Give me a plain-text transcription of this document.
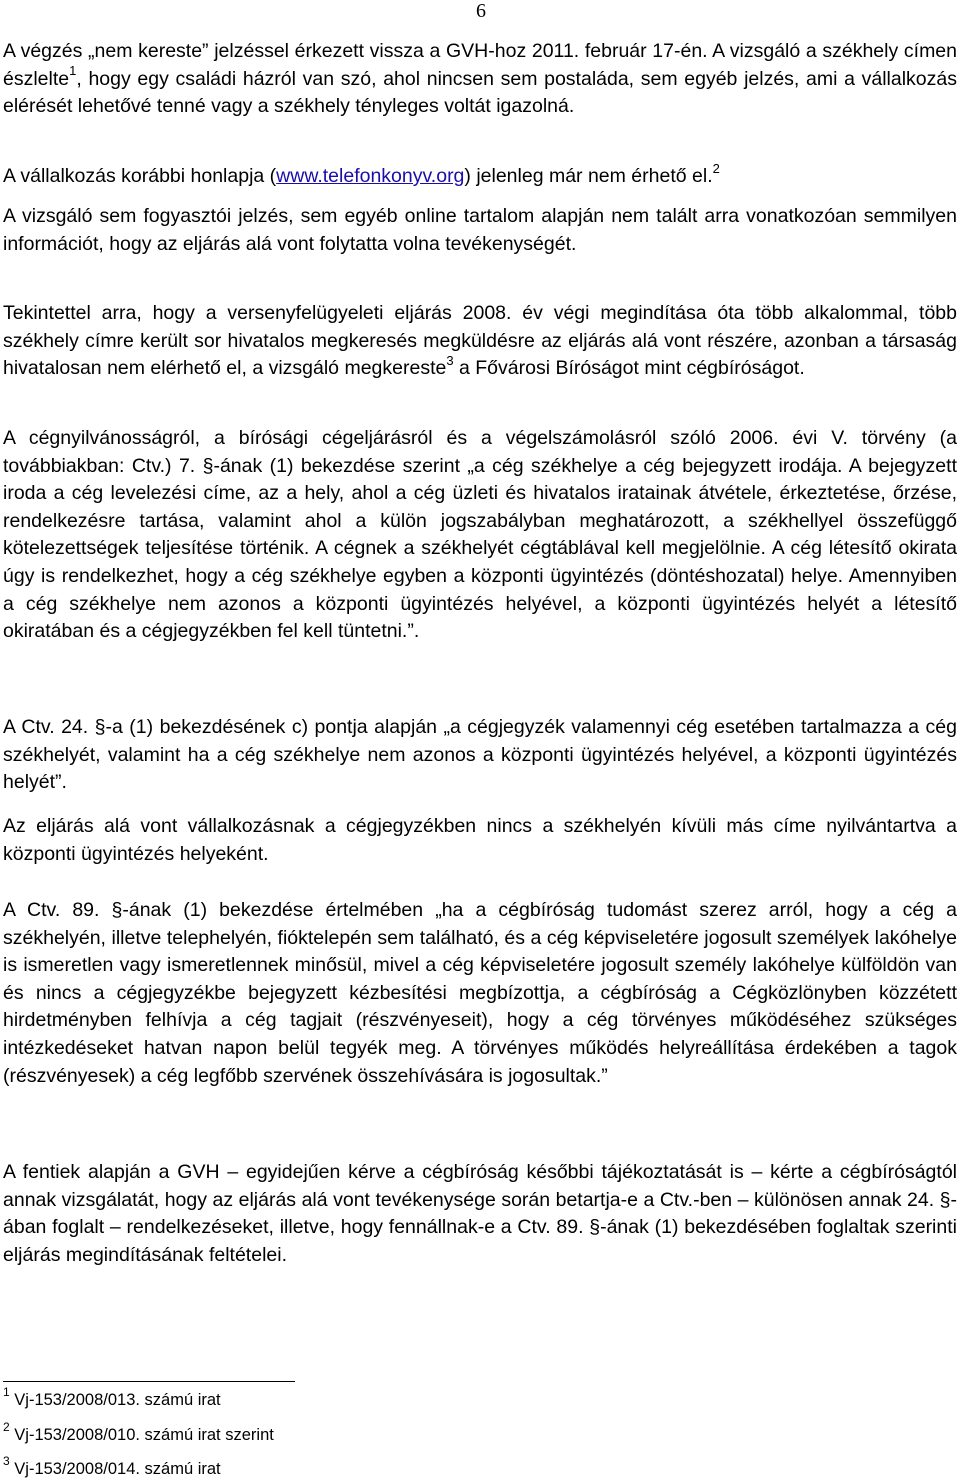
6

A végzés „nem kereste” jelzéssel érkezett vissza a GVH-hoz 2011. február 17-én. A vizsgáló a székhely címen észlelte$^1$, hogy egy családi házról van szó, ahol nincsen sem postaláda, sem egyéb jelzés, ami a vállalkozás elérését lehetővé tenné vagy a székhely tényleges voltát igazolná.

A vállalkozás korábbi honlapja (www.telefonkonyv.org) jelenleg már nem érhető el.$^2$

A vizsgáló sem fogyasztói jelzés, sem egyéb online tartalom alapján nem talált arra vonatkozóan semmilyen információt, hogy az eljárás alá vont folytatta volna tevékenységét.

Tekintettel arra, hogy a versenyfelügyeleti eljárás 2008. év végi megindítása óta több alkalommal, több székhely címre került sor hivatalos megkeresés megküldésre az eljárás alá vont részére, azonban a társaság hivatalosan nem elérhető el, a vizsgáló megkereste$^3$ a Fővárosi Bíróságot mint cégbíróságot.

A cégnyilvánosságról, a bírósági cégeljárásról és a végelszámolásról szóló 2006. évi V. törvény (a továbbiakban: Ctv.) 7. §-ának (1) bekezdése szerint „a cég székhelye a cég bejegyzett irodája. A bejegyzett iroda a cég levelezési címe, az a hely, ahol a cég üzleti és hivatalos iratainak átvétele, érkeztetése, őrzése, rendelkezésre tartása, valamint ahol a külön jogszabályban meghatározott, a székhellyel összefüggő kötelezettségek teljesítése történik. A cégnek a székhelyét cégtáblával kell megjelölnie. A cég létesítő okirata úgy is rendelkezhet, hogy a cég székhelye egyben a központi ügyintézés (döntéshozatal) helye. Amennyiben a cég székhelye nem azonos a központi ügyintézés helyével, a központi ügyintézés helyét a létesítő okiratában és a cégjegyzékben fel kell tüntetni.”.

A Ctv. 24. §-a (1) bekezdésének c) pontja alapján „a cégjegyzék valamennyi cég esetében tartalmazza a cég székhelyét, valamint ha a cég székhelye nem azonos a központi ügyintézés helyével, a központi ügyintézés helyét”.

Az eljárás alá vont vállalkozásnak a cégjegyzékben nincs a székhelyén kívüli más címe nyilvántartva a központi ügyintézés helyeként.

A Ctv. 89. §-ának (1) bekezdése értelmében „ha a cégbíróság tudomást szerez arról, hogy a cég a székhelyén, illetve telephelyén, fióktelepén sem található, és a cég képviseletére jogosult személyek lakóhelye is ismeretlen vagy ismeretlennek minősül, mivel a cég képviseletére jogosult személy lakóhelye külföldön van és nincs a cégjegyzékbe bejegyzett kézbesítési megbízottja, a cégbíróság a Cégközlönyben közzétett hirdetményben felhívja a cég tagjait (részvényeseit), hogy a cég törvényes működéséhez szükséges intézkedéseket hatvan napon belül tegyék meg. A törvényes működés helyreállítása érdekében a tagok (részvényesek) a cég legfőbb szervének összehívására is jogosultak.”

A fentiek alapján a GVH – egyidejűen kérve a cégbíróság későbbi tájékoztatását is – kérte a cégbíróságtól annak vizsgálatát, hogy az eljárás alá vont tevékenysége során betartja-e a Ctv.-ben – különösen annak 24. §-ában foglalt – rendelkezéseket, illetve, hogy fennállnak-e a Ctv. 89. §-ának (1) bekezdésében foglaltak szerinti eljárás megindításának feltételei.

$^1$ Vj-153/2008/013. számú irat
$^2$ Vj-153/2008/010. számú irat szerint
$^3$ Vj-153/2008/014. számú irat
